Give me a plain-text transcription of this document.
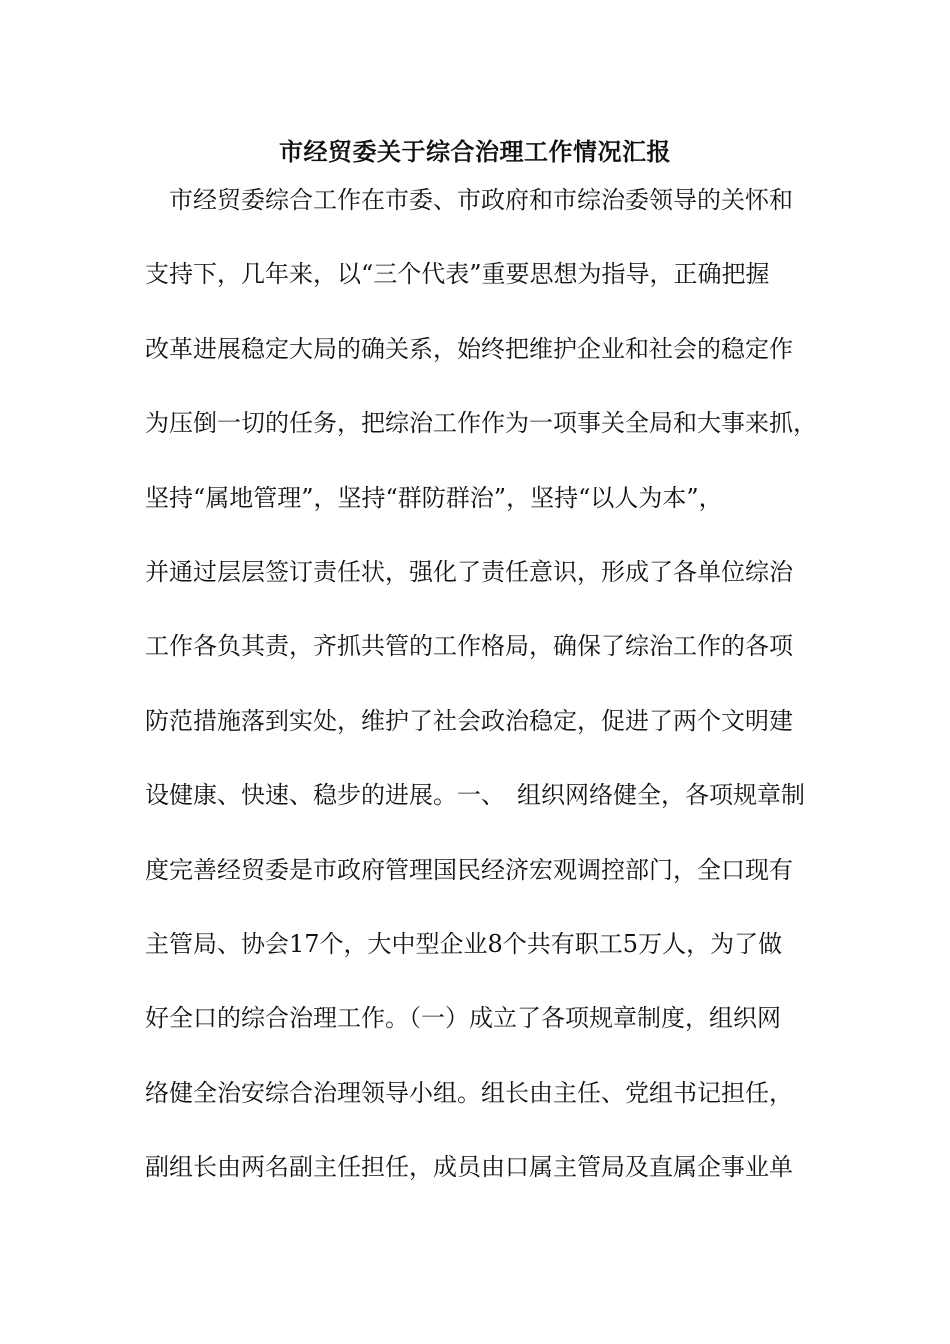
市经贸委关于综合治理工作情况汇报
　市经贸委综合工作在市委、市政府和市综治委领导的关怀和
支持下，几年来，以“三个代表”重要思想为指导，正确把握
改革进展稳定大局的确关系，始终把维护企业和社会的稳定作
为压倒一切的任务，把综治工作作为一项事关全局和大事来抓，
坚持“属地管理”，坚持“群防群治”，坚持“以人为本”，
并通过层层签订责任状，强化了责任意识，形成了各单位综治
工作各负其责，齐抓共管的工作格局，确保了综治工作的各项
防范措施落到实处，维护了社会政治稳定，促进了两个文明建
设健康、快速、稳步的进展。一、　组织网络健全，各项规章制
度完善经贸委是市政府管理国民经济宏观调控部门，全口现有
主管局、协会17个，大中型企业8个共有职工5万人，为了做
好全口的综合治理工作。（一）成立了各项规章制度，组织网
络健全治安综合治理领导小组。组长由主任、党组书记担任，
副组长由两名副主任担任，成员由口属主管局及直属企事业单
